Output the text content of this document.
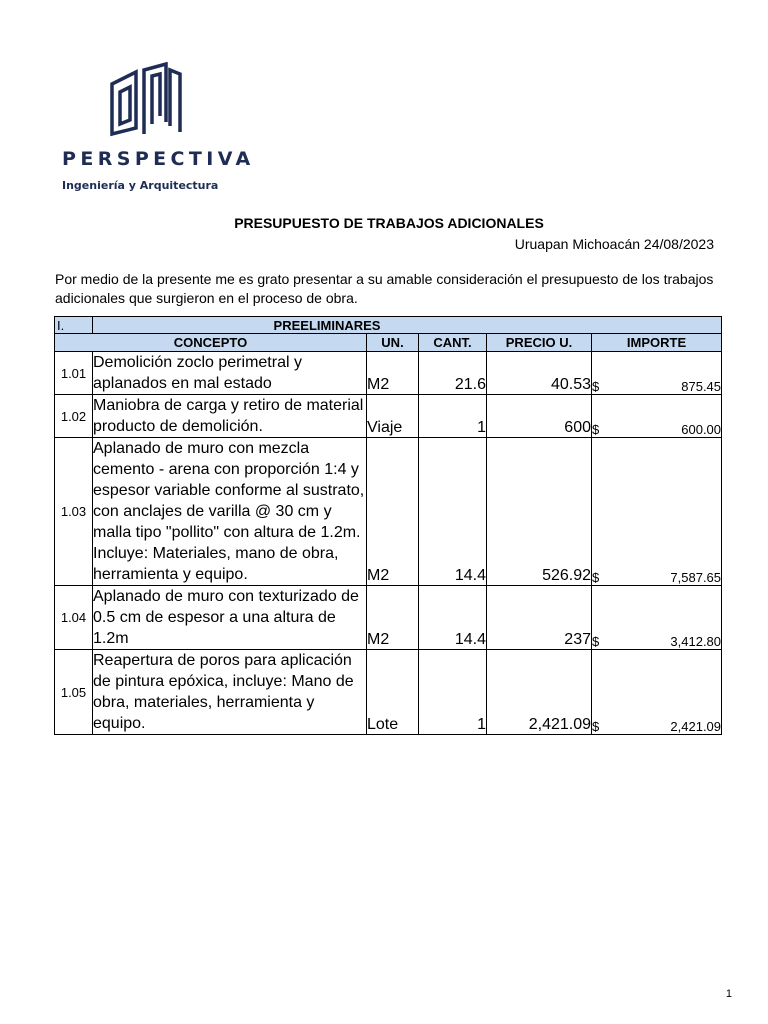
PERSPECTIVA
Ingeniería y Arquitectura
PRESUPUESTO DE TRABAJOS ADICIONALES
Uruapan Michoacán 24/08/2023
Por medio de la presente me es grato presentar a su amable consideración el presupuesto de los trabajos adicionales que surgieron en el proceso de obra.
I.	PREELIMINARES				
CONCEPTO		UN.	CANT.	PRECIO U.	IMPORTE
1.01	Demolición zoclo perimetral y aplanados en mal estado	M2	21.6	40.53	$ 875.45

1.02	Maniobra de carga y retiro de material producto de demolición.	Viaje	1	600	$ 600.00

1.03	Aplanado de muro con mezcla cemento - arena con proporción 1:4 y espesor variable conforme al sustrato, con anclajes de varilla @ 30 cm y malla tipo "pollito" con altura de 1.2m. Incluye: Materiales, mano de obra, herramienta y equipo.	M2	14.4	526.92	$ 7,587.65

1.04	Aplanado de muro con texturizado de 0.5 cm de espesor a una altura de 1.2m	M2	14.4	237	$ 3,412.80

1.05	Reapertura de poros para aplicación de pintura epóxica, incluye: Mano de obra, materiales, herramienta y equipo.	Lote	1	2,421.09	$ 2,421.09
1
